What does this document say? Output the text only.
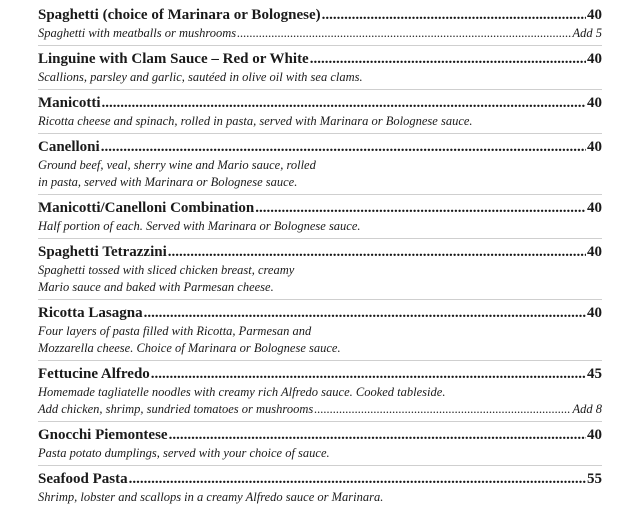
Spaghetti (choice of Marinara or Bolognese) .....	40
Spaghetti with meatballs or mushrooms .....	Add 5
Linguine with Clam Sauce – Red or White .....	40
Scallions, parsley and garlic, sautéed in olive oil with sea clams.
Manicotti .....	40
Ricotta cheese and spinach, rolled in pasta, served with Marinara or Bolognese sauce.
Canelloni .....	40
Ground beef, veal, sherry wine and Mario sauce, rolled
in pasta, served with Marinara or Bolognese sauce.
Manicotti/Canelloni Combination .....	40
Half portion of each. Served with Marinara or Bolognese sauce.
Spaghetti Tetrazzini .....	40
Spaghetti tossed with sliced chicken breast, creamy
Mario sauce and baked with Parmesan cheese.
Ricotta Lasagna .....	40
Four layers of pasta filled with Ricotta, Parmesan and
Mozzarella cheese. Choice of Marinara or Bolognese sauce.
Fettucine Alfredo .....	45
Homemade tagliatelle noodles with creamy rich Alfredo sauce. Cooked tableside.
Add chicken, shrimp, sundried tomatoes or mushrooms .....	Add 8
Gnocchi Piemontese .....	40
Pasta potato dumplings, served with your choice of sauce.
Seafood Pasta .....	55
Shrimp, lobster and scallops in a creamy Alfredo sauce or Marinara.
